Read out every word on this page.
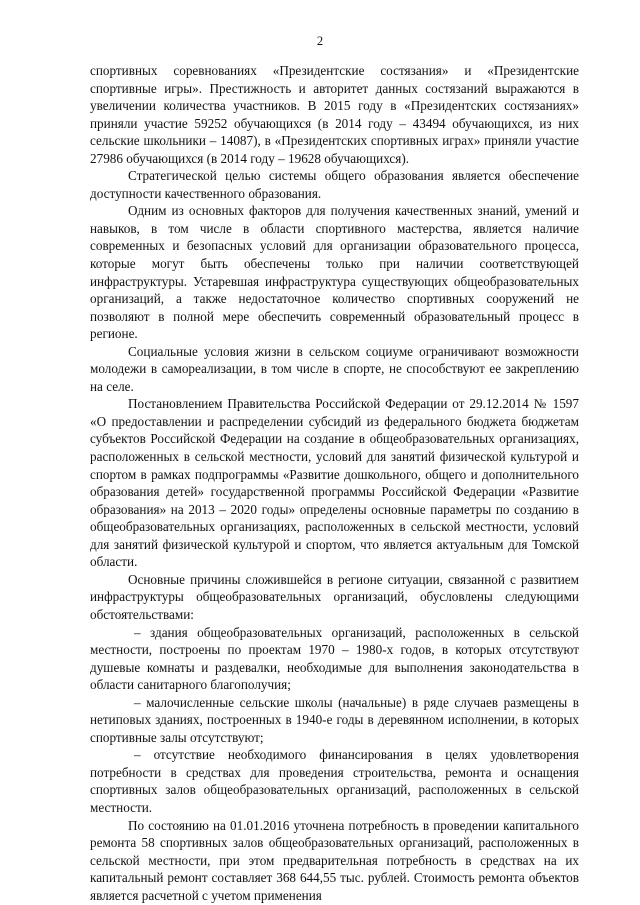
2

спортивных соревнованиях «Президентские состязания» и «Президентские спортивные игры». Престижность и авторитет данных состязаний выражаются в увеличении количества участников. В 2015 году в «Президентских состязаниях» приняли участие 59252 обучающихся (в 2014 году – 43494 обучающихся, из них сельские школьники – 14087), в «Президентских спортивных играх» приняли участие 27986 обучающихся (в 2014 году – 19628 обучающихся).

Стратегической целью системы общего образования является обеспечение доступности качественного образования.

Одним из основных факторов для получения качественных знаний, умений и навыков, в том числе в области спортивного мастерства, является наличие современных и безопасных условий для организации образовательного процесса, которые могут быть обеспечены только при наличии соответствующей инфраструктуры. Устаревшая инфраструктура существующих общеобразовательных организаций, а также недостаточное количество спортивных сооружений не позволяют в полной мере обеспечить современный образовательный процесс в регионе.

Социальные условия жизни в сельском социуме ограничивают возможности молодежи в самореализации, в том числе в спорте, не способствуют ее закреплению на селе.

Постановлением Правительства Российской Федерации от 29.12.2014 № 1597 «О предоставлении и распределении субсидий из федерального бюджета бюджетам субъектов Российской Федерации на создание в общеобразовательных организациях, расположенных в сельской местности, условий для занятий физической культурой и спортом в рамках подпрограммы «Развитие дошкольного, общего и дополнительного образования детей» государственной программы Российской Федерации «Развитие образования» на 2013 – 2020 годы» определены основные параметры по созданию в общеобразовательных организациях, расположенных в сельской местности, условий для занятий физической культурой и спортом, что является актуальным для Томской области.

Основные причины сложившейся в регионе ситуации, связанной с развитием инфраструктуры общеобразовательных организаций, обусловлены следующими обстоятельствами:

– здания общеобразовательных организаций, расположенных в сельской местности, построены по проектам 1970 – 1980-х годов, в которых отсутствуют душевые комнаты и раздевалки, необходимые для выполнения законодательства в области санитарного благополучия;

– малочисленные сельские школы (начальные) в ряде случаев размещены в нетиповых зданиях, построенных в 1940-е годы в деревянном исполнении, в которых спортивные залы отсутствуют;

– отсутствие необходимого финансирования в целях удовлетворения потребности в средствах для проведения строительства, ремонта и оснащения спортивных залов общеобразовательных организаций, расположенных в сельской местности.

По состоянию на 01.01.2016 уточнена потребность в проведении капитального ремонта 58 спортивных залов общеобразовательных организаций, расположенных в сельской местности, при этом предварительная потребность в средствах на их капитальный ремонт составляет 368 644,55 тыс. рублей. Стоимость ремонта объектов является расчетной с учетом применения
